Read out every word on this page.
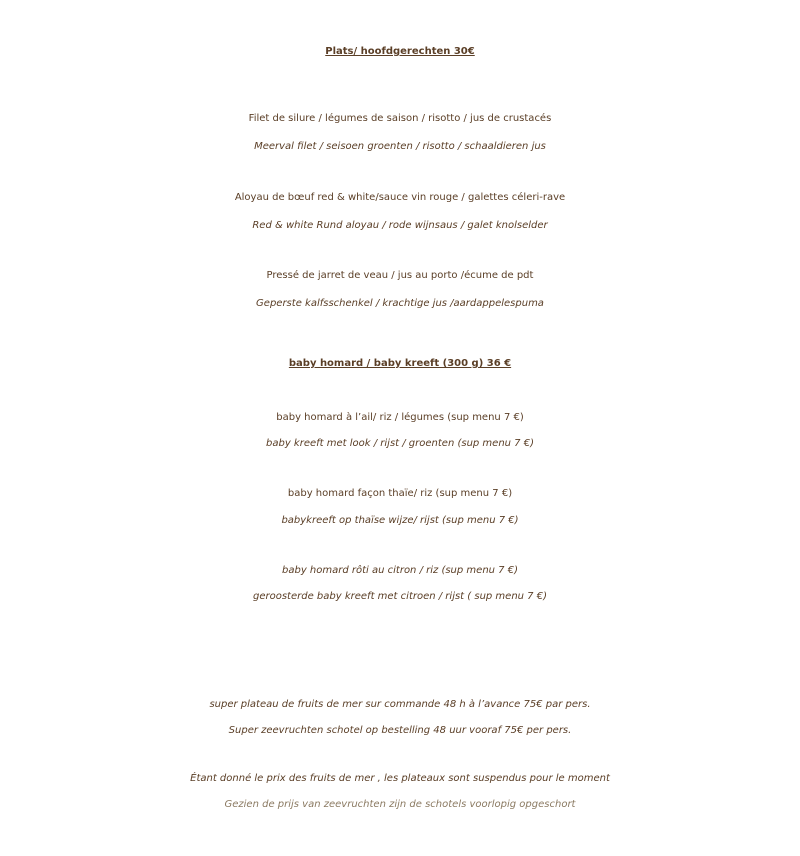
Plats/ hoofdgerechten 30€
Filet de silure / légumes de saison / risotto / jus de crustacés
Meerval filet / seisoen groenten / risotto / schaaldieren jus
Aloyau de bœuf red & white/sauce vin rouge / galettes céleri-rave
Red & white Rund aloyau / rode wijnsaus / galet knolselder
Pressé de jarret de veau / jus au porto /écume de pdt
Geperste kalfsschenkel / krachtige jus /aardappelespuma
baby homard / baby kreeft (300 g) 36 €
baby homard à l’ail/ riz / légumes (sup menu 7 €)
baby kreeft met look / rijst / groenten (sup menu 7 €)
baby homard façon thaïe/ riz (sup menu 7 €)
babykreeft op thaïse wijze/ rijst (sup menu 7 €)
baby homard rôti au citron / riz (sup menu 7 €)
geroosterde baby kreeft met citroen / rijst ( sup menu 7 €)
super plateau de fruits de mer sur commande 48 h à l’avance 75€ par pers.
Super zeevruchten schotel op bestelling 48 uur vooraf 75€ per pers.
Étant donné le prix des fruits de mer , les plateaux sont suspendus pour le moment
Gezien de prijs van zeevruchten zijn de schotels voorlopig opgeschort
